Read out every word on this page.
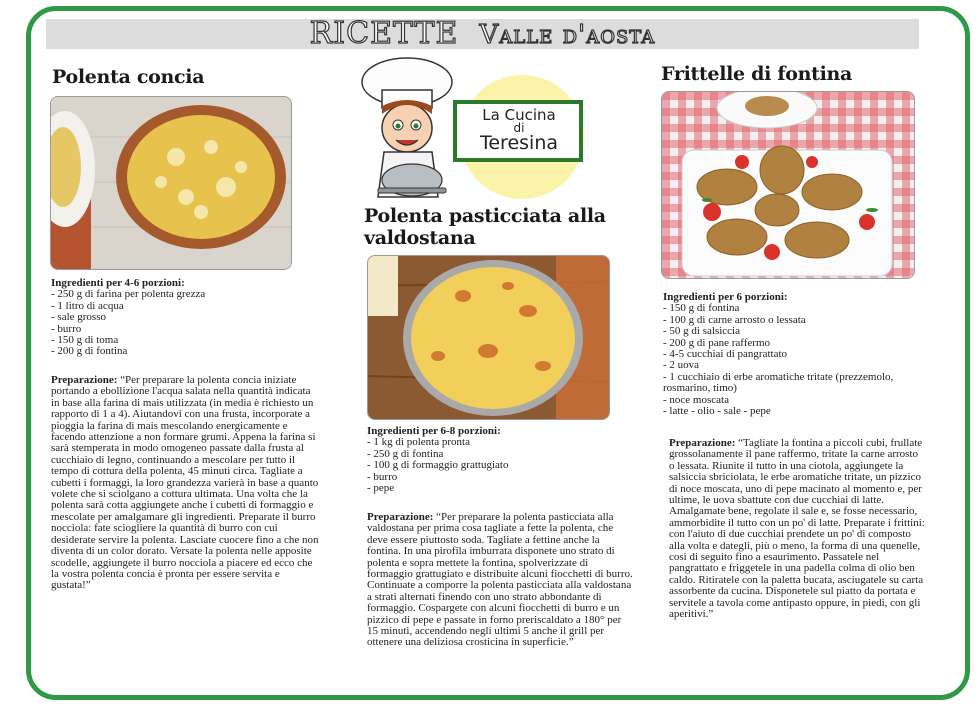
RICETTE Valle d'aosta
Polenta concia
Ingredienti per 4-6 porzioni:
- 250 g di farina per polenta grezza
- 1 litro di acqua
- sale grosso
- burro
- 150 g di toma
- 200 g di fontina

Preparazione: “Per preparare la polenta concia iniziate portando a ebollizione l'acqua salata nella quantità indicata in base alla farina di mais utilizzata (in media è richiesto un rapporto di 1 a 4). Aiutandovi con una frusta, incorporate a pioggia la farina di mais mescolando energicamente e facendo attenzione a non formare grumi. Appena la farina si sarà stemperata in modo omogeneo passate dalla frusta al cucchiaio di legno, continuando a mescolare per tutto il tempo di cottura della polenta, 45 minuti circa. Tagliate a cubetti i formaggi, la loro grandezza varierà in base a quanto volete che si sciolgano a cottura ultimata. Una volta che la polenta sarà cotta aggiungete anche i cubetti di formaggio e mescolate per amalgamare gli ingredienti. Preparate il burro nocciola: fate sciogliere la quantità di burro con cui desiderate servire la polenta. Lasciate cuocere fino a che non diventa di un color dorato. Versate la polenta nelle apposite scodelle, aggiungete il burro nocciola a piacere ed ecco che la vostra polenta concia è pronta per essere servita e gustata!”

La Cucina
di
Teresina
Polenta pasticciata alla valdostana
Ingredienti per 6-8 porzioni:
- 1 kg di polenta pronta
- 250 g di fontina
- 100 g di formaggio grattugiato
- burro
- pepe

Preparazione: “Per preparare la polenta pasticciata alla valdostana per prima cosa tagliate a fette la polenta, che deve essere piuttosto soda. Tagliate a fettine anche la fontina. In una pirofila imburrata disponete uno strato di polenta e sopra mettete la fontina, spolverizzate di formaggio grattugiato e distribuite alcuni fiocchetti di burro. Continuate a comporre la polenta pasticciata alla valdostana a strati alternati finendo con uno strato abbondante di formaggio. Cospargete con alcuni fiocchetti di burro e un pizzico di pepe e passate in forno preriscaldato a 180° per 15 minuti, accendendo negli ultimi 5 anche il grill per ottenere una deliziosa crosticina in superficie.”

Frittelle di fontina
Ingredienti per 6 porzioni:
- 150 g di fontina
- 100 g di carne arrosto o lessata
- 50 g di salsiccia
- 200 g di pane raffermo
- 4-5 cucchiai di pangrattato
- 2 uova
- 1 cucchiaio di erbe aromatiche tritate (prezzemolo, rosmarino, timo)
- noce moscata
- latte - olio - sale - pepe

Preparazione: “Tagliate la fontina a piccoli cubi, frullate grossolanamente il pane raffermo, tritate la carne arrosto o lessata. Riunite il tutto in una ciotola, aggiungete la salsiccia sbriciolata, le erbe aromatiche tritate, un pizzico di noce moscata, uno di pepe macinato al momento e, per ultime, le uova sbattute con due cucchiai di latte. Amalgamate bene, regolate il sale e, se fosse necessario, ammorbidite il tutto con un po' di latte. Preparate i frittini: con l'aiuto di due cucchiai prendete un po' di composto alla volta e dategli, più o meno, la forma di una quenelle, così di seguito fino a esaurimento. Passatele nel pangrattato e friggetele in una padella colma di olio ben caldo. Ritiratele con la paletta bucata, asciugatele su carta assorbente da cucina. Disponetele sul piatto da portata e servitele a tavola come antipasto oppure, in piedi, con gli aperitivi.”
